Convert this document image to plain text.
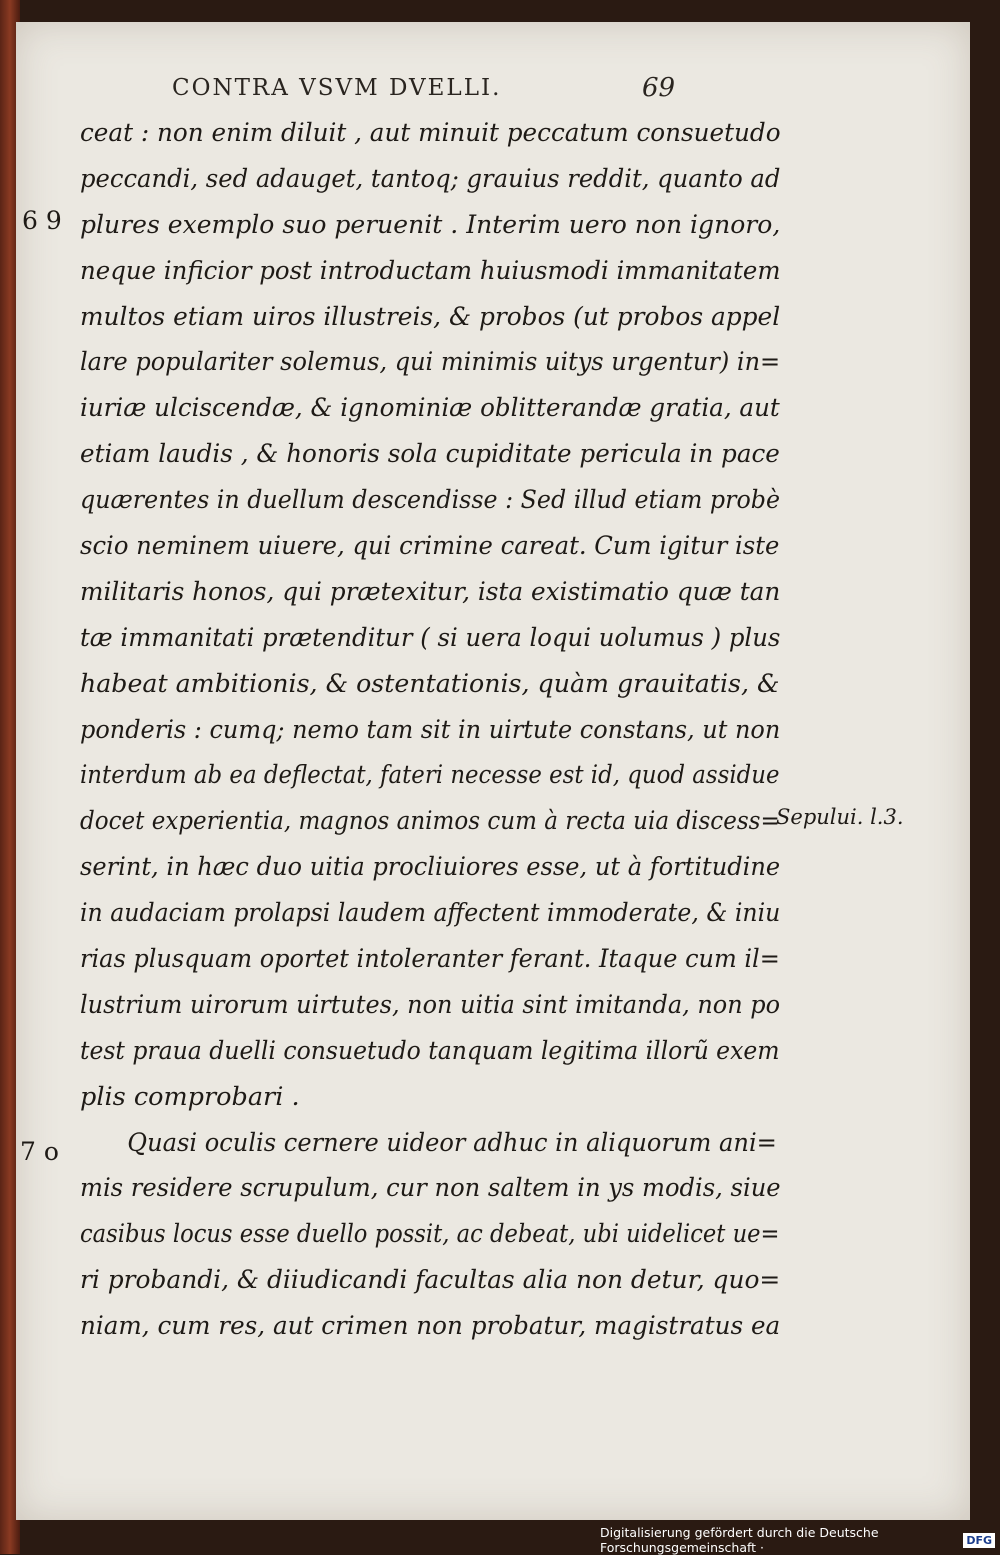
CONTRA VSVM DVELLI.	69
6 9
7 o
Sepului. l.3.
ceat : non enim diluit , aut minuit peccatum consuetudo
peccandi, sed adauget, tantoq; grauius reddit, quanto ad
plures exemplo suo peruenit . Interim uero non ignoro,
neque inficior post introductam huiusmodi immanitatem
multos etiam uiros illustreis, & probos (ut probos appel
lare populariter solemus, qui minimis uitys urgentur) in=
iuriæ ulciscendæ, & ignominiæ oblitterandæ gratia, aut
etiam laudis , & honoris sola cupiditate pericula in pace
quærentes in duellum descendisse : Sed illud etiam probè
scio neminem uiuere, qui crimine careat. Cum igitur iste
militaris honos, qui prætexitur, ista existimatio quæ tan
tæ immanitati prætenditur ( si uera loqui uolumus ) plus
habeat ambitionis, & ostentationis, quàm grauitatis, &
ponderis : cumq; nemo tam sit in uirtute constans, ut non
interdum ab ea deflectat, fateri necesse est id, quod assidue
docet experientia, magnos animos cum à recta uia discess=
serint, in hæc duo uitia procliuiores esse, ut à fortitudine
in audaciam prolapsi laudem affectent immoderate, & iniu
rias plusquam oportet intoleranter ferant. Itaque cum il=
lustrium uirorum uirtutes, non uitia sint imitanda, non po
test praua duelli consuetudo tanquam legitima illorũ exem
plis comprobari .
Quasi oculis cernere uideor adhuc in aliquorum ani=
mis residere scrupulum, cur non saltem in ys modis, siue
casibus locus esse duello possit, ac debeat, ubi uidelicet ue=
ri probandi, & diiudicandi facultas alia non detur, quo=
niam, cum res, aut crimen non probatur, magistratus ea
Digitalisierung gefördert durch die Deutsche Forschungsgemeinschaft ·	DFG
